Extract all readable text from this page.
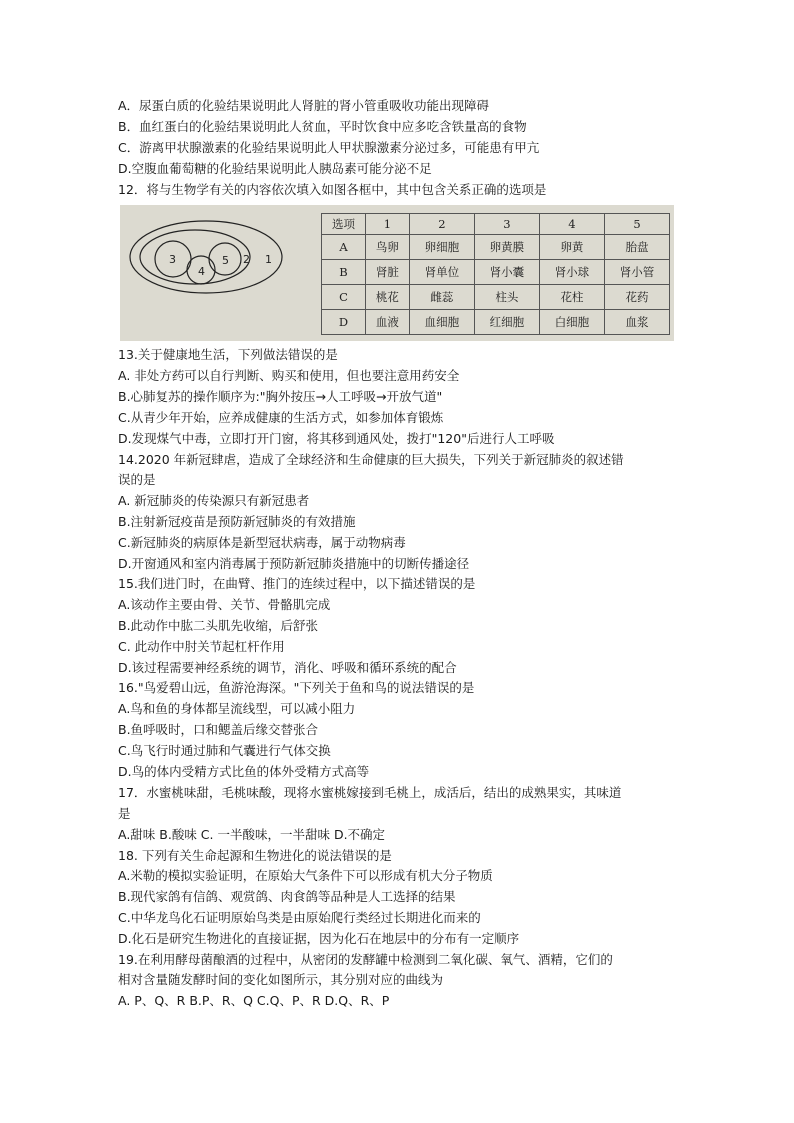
A．尿蛋白质的化验结果说明此人肾脏的肾小管重吸收功能出现障碍
B．血红蛋白的化验结果说明此人贫血，平时饮食中应多吃含铁量高的食物
C．游离甲状腺激素的化验结果说明此人甲状腺激素分泌过多，可能患有甲亢
D.空腹血葡萄糖的化验结果说明此人胰岛素可能分泌不足
12．将与生物学有关的内容依次填入如图各框中，其中包含关系正确的选项是
3
4
5 2 1
选项	1	2	3	4	5
A	鸟卵	卵细胞	卵黄膜	卵黄	胎盘
B	肾脏	肾单位	肾小囊	肾小球	肾小管
C	桃花	雌蕊	柱头	花柱	花药
D	血液	血细胞	红细胞	白细胞	血浆
13.关于健康地生活，下列做法错误的是
A. 非处方药可以自行判断、购买和使用，但也要注意用药安全
B.心肺复苏的操作顺序为:"胸外按压→人工呼吸→开放气道"
C.从青少年开始，应养成健康的生活方式，如参加体育锻炼
D.发现煤气中毒，立即打开门窗，将其移到通风处，拨打"120"后进行人工呼吸
14.2020 年新冠肆虐，造成了全球经济和生命健康的巨大损失，下列关于新冠肺炎的叙述错
误的是
A. 新冠肺炎的传染源只有新冠患者
B.注射新冠疫苗是预防新冠肺炎的有效措施
C.新冠肺炎的病原体是新型冠状病毒，属于动物病毒
D.开窗通风和室内消毒属于预防新冠肺炎措施中的切断传播途径
15.我们进门时，在曲臂、推门的连续过程中，以下描述错误的是
A.该动作主要由骨、关节、骨骼肌完成
B.此动作中肱二头肌先收缩，后舒张
C. 此动作中肘关节起杠杆作用
D.该过程需要神经系统的调节，消化、呼吸和循环系统的配合
16."鸟爱碧山远，鱼游沧海深。"下列关于鱼和鸟的说法错误的是
A.鸟和鱼的身体都呈流线型，可以减小阻力
B.鱼呼吸时，口和鳃盖后缘交替张合
C.鸟飞行时通过肺和气囊进行气体交换
D.鸟的体内受精方式比鱼的体外受精方式高等
17．水蜜桃味甜，毛桃味酸，现将水蜜桃嫁接到毛桃上，成活后，结出的成熟果实，其味道
是
A.甜味 B.酸味 C. 一半酸味，一半甜味 D.不确定
18. 下列有关生命起源和生物进化的说法错误的是
A.米勒的模拟实验证明，在原始大气条件下可以形成有机大分子物质
B.现代家鸽有信鸽、观赏鸽、肉食鸽等品种是人工选择的结果
C.中华龙鸟化石证明原始鸟类是由原始爬行类经过长期进化而来的
D.化石是研究生物进化的直接证据，因为化石在地层中的分布有一定顺序
19.在利用酵母菌酿酒的过程中，从密闭的发酵罐中检测到二氧化碳、氧气、酒精，它们的
相对含量随发酵时间的变化如图所示，其分别对应的曲线为
A. P、Q、R B.P、R、Q C.Q、P、R D.Q、R、P
